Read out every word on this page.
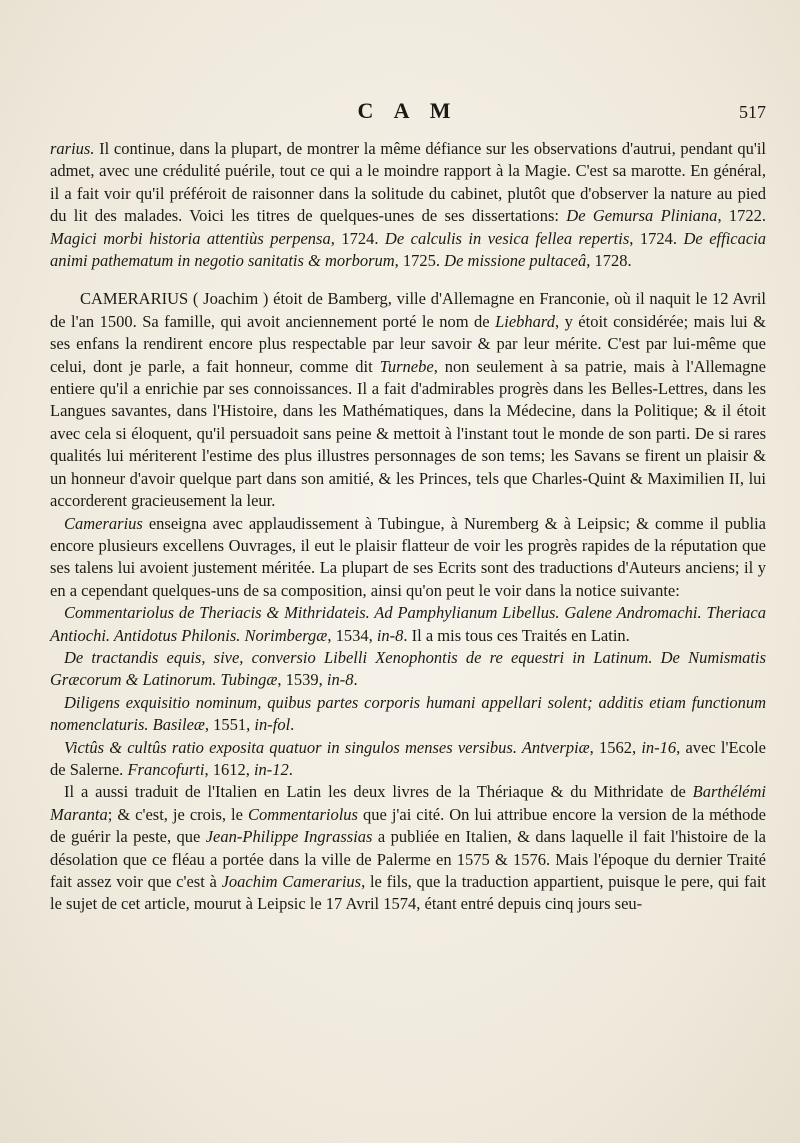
C A M	517

rarius. Il continue, dans la plupart, de montrer la même défiance sur les observations d'autrui, pendant qu'il admet, avec une crédulité puérile, tout ce qui a le moindre rapport à la Magie. C'est sa marotte. En général, il a fait voir qu'il préféroit de raisonner dans la solitude du cabinet, plutôt que d'observer la nature au pied du lit des malades. Voici les titres de quelques-unes de ses dissertations: De Gemursa Pliniana, 1722. Magici morbi historia attentiùs perpensa, 1724. De calculis in vesica fellea repertis, 1724. De efficacia animi pathematum in negotio sanitatis & morborum, 1725. De missione pultaceâ, 1728.

CAMERARIUS ( Joachim ) étoit de Bamberg, ville d'Allemagne en Franconie, où il naquit le 12 Avril de l'an 1500. Sa famille, qui avoit anciennement porté le nom de Liebhard, y étoit considérée; mais lui & ses enfans la rendirent encore plus respectable par leur savoir & par leur mérite. C'est par lui-même que celui, dont je parle, a fait honneur, comme dit Turnebe, non seulement à sa patrie, mais à l'Allemagne entiere qu'il a enrichie par ses connoissances. Il a fait d'admirables progrès dans les Belles-Lettres, dans les Langues savantes, dans l'Histoire, dans les Mathématiques, dans la Médecine, dans la Politique; & il étoit avec cela si éloquent, qu'il persuadoit sans peine & mettoit à l'instant tout le monde de son parti. De si rares qualités lui mériterent l'estime des plus illustres personnages de son tems; les Savans se firent un plaisir & un honneur d'avoir quelque part dans son amitié, & les Princes, tels que Charles-Quint & Maximilien II, lui accorderent gracieusement la leur.

Camerarius enseigna avec applaudissement à Tubingue, à Nuremberg & à Leipsic; & comme il publia encore plusieurs excellens Ouvrages, il eut le plaisir flatteur de voir les progrès rapides de la réputation que ses talens lui avoient justement méritée. La plupart de ses Ecrits sont des traductions d'Auteurs anciens; il y en a cependant quelques-uns de sa composition, ainsi qu'on peut le voir dans la notice suivante:

Commentariolus de Theriacis & Mithridateis. Ad Pamphylianum Libellus. Galene Andromachi. Theriaca Antiochi. Antidotus Philonis. Norimbergæ, 1534, in-8. Il a mis tous ces Traités en Latin.

De tractandis equis, sive, conversio Libelli Xenophontis de re equestri in Latinum. De Numismatis Græcorum & Latinorum. Tubingæ, 1539, in-8.

Diligens exquisitio nominum, quibus partes corporis humani appellari solent; additis etiam functionum nomenclaturis. Basileæ, 1551, in-fol.

Victûs & cultûs ratio exposita quatuor in singulos menses versibus. Antverpiæ, 1562, in-16, avec l'Ecole de Salerne. Francofurti, 1612, in-12.

Il a aussi traduit de l'Italien en Latin les deux livres de la Thériaque & du Mithridate de Barthélémi Maranta; & c'est, je crois, le Commentariolus que j'ai cité. On lui attribue encore la version de la méthode de guérir la peste, que Jean-Philippe Ingrassias a publiée en Italien, & dans laquelle il fait l'histoire de la désolation que ce fléau a portée dans la ville de Palerme en 1575 & 1576. Mais l'époque du dernier Traité fait assez voir que c'est à Joachim Camerarius, le fils, que la traduction appartient, puisque le pere, qui fait le sujet de cet article, mourut à Leipsic le 17 Avril 1574, étant entré depuis cinq jours seu-
